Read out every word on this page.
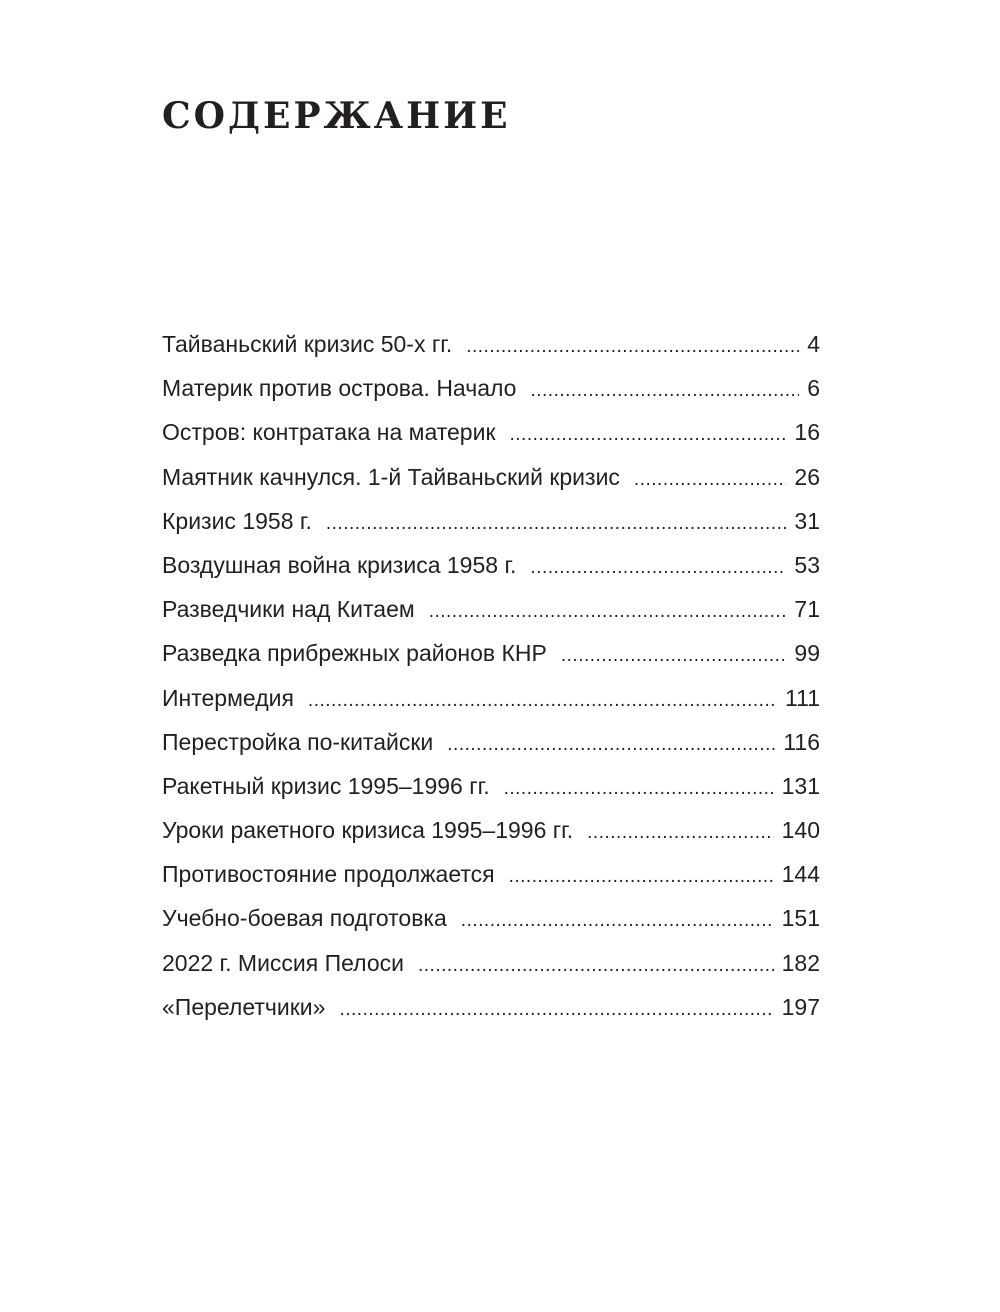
СОДЕРЖАНИЕ
Тайваньский кризис 50-х гг. .....	4
Материк против острова. Начало .....	6
Остров: контратака на материк .....	16
Маятник качнулся. 1-й Тайваньский кризис .....	26
Кризис 1958 г. .....	31
Воздушная война кризиса 1958 г. .....	53
Разведчики над Китаем .....	71
Разведка прибрежных районов КНР .....	99
Интермедия .....	111
Перестройка по-китайски .....	116
Ракетный кризис 1995–1996 гг. .....	131
Уроки ракетного кризиса 1995–1996 гг. .....	140
Противостояние продолжается .....	144
Учебно-боевая подготовка .....	151
2022 г. Миссия Пелоси .....	182
«Перелетчики» .....	197
